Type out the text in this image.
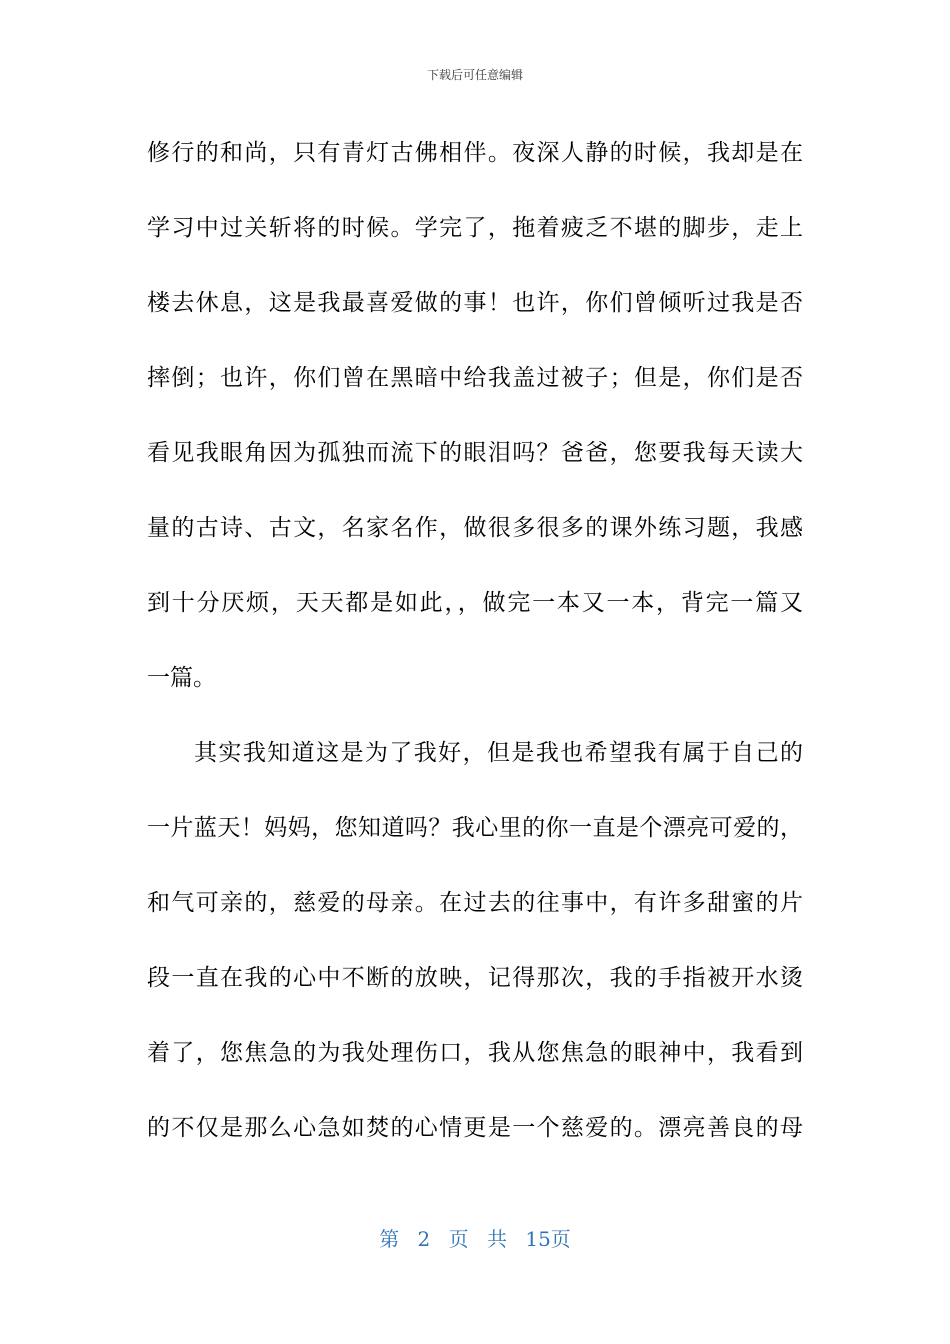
下载后可任意编辑
修行的和尚，只有青灯古佛相伴。夜深人静的时候，我却是在
学习中过关斩将的时候。学完了，拖着疲乏不堪的脚步，走上
楼去休息，这是我最喜爱做的事！也许，你们曾倾听过我是否
摔倒；也许，你们曾在黑暗中给我盖过被子；但是，你们是否
看见我眼角因为孤独而流下的眼泪吗？爸爸，您要我每天读大
量的古诗、古文，名家名作，做很多很多的课外练习题，我感
到十分厌烦，天天都是如此，，做完一本又一本，背完一篇又
一篇。
其实我知道这是为了我好，但是我也希望我有属于自己的
一片蓝天！妈妈，您知道吗？我心里的你一直是个漂亮可爱的，
和气可亲的，慈爱的母亲。在过去的往事中，有许多甜蜜的片
段一直在我的心中不断的放映，记得那次，我的手指被开水烫
着了，您焦急的为我处理伤口，我从您焦急的眼神中，我看到
的不仅是那么心急如焚的心情更是一个慈爱的。漂亮善良的母
第 2 页 共 15页
